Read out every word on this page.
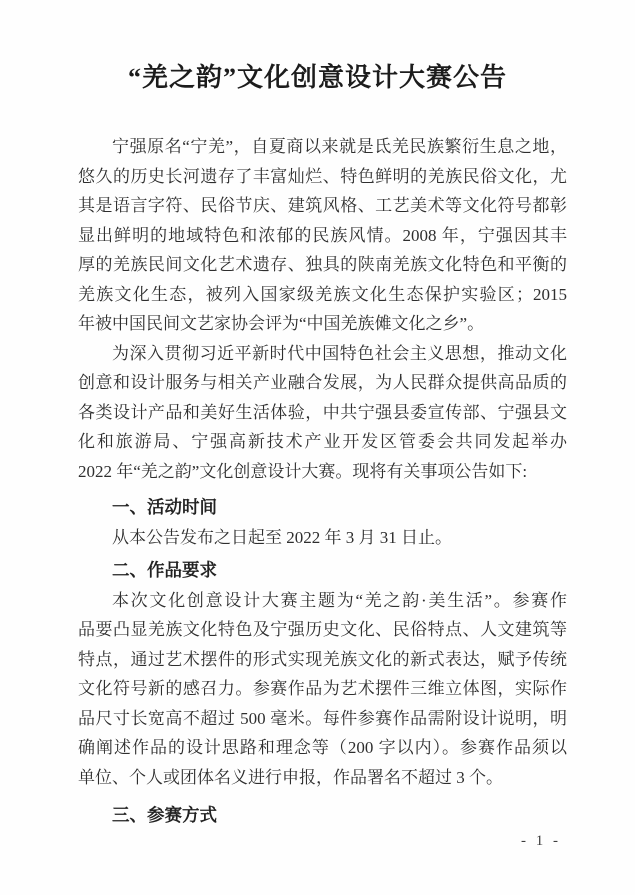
“羌之韵”文化创意设计大赛公告
宁强原名“宁羌”，自夏商以来就是氐羌民族繁衍生息之地，
悠久的历史长河遗存了丰富灿烂、特色鲜明的羌族民俗文化，尤
其是语言字符、民俗节庆、建筑风格、工艺美术等文化符号都彰
显出鲜明的地域特色和浓郁的民族风情。2008 年，宁强因其丰
厚的羌族民间文化艺术遗存、独具的陕南羌族文化特色和平衡的
羌族文化生态，被列入国家级羌族文化生态保护实验区；2015
年被中国民间文艺家协会评为“中国羌族傩文化之乡”。
为深入贯彻习近平新时代中国特色社会主义思想，推动文化
创意和设计服务与相关产业融合发展，为人民群众提供高品质的
各类设计产品和美好生活体验，中共宁强县委宣传部、宁强县文
化和旅游局、宁强高新技术产业开发区管委会共同发起举办
2022 年“羌之韵”文化创意设计大赛。现将有关事项公告如下:
一、活动时间
从本公告发布之日起至 2022 年 3 月 31 日止。
二、作品要求
本次文化创意设计大赛主题为“羌之韵·美生活”。参赛作
品要凸显羌族文化特色及宁强历史文化、民俗特点、人文建筑等
特点，通过艺术摆件的形式实现羌族文化的新式表达，赋予传统
文化符号新的感召力。参赛作品为艺术摆件三维立体图，实际作
品尺寸长宽高不超过 500 毫米。每件参赛作品需附设计说明，明
确阐述作品的设计思路和理念等（200 字以内）。参赛作品须以
单位、个人或团体名义进行申报，作品署名不超过 3 个。
三、参赛方式
- 1 -
